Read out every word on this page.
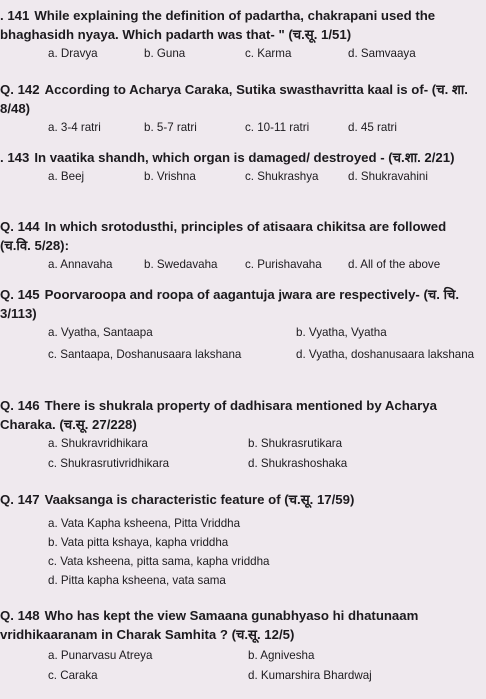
. 141 While explaining the definition of padartha, chakrapani used the bhaghasidh nyaya. Which padarth was that- " (च.सू. 1/51)
a. Dravya	b. Guna	c. Karma	d. Samvaaya
Q. 142 According to Acharya Caraka, Sutika swasthavritta kaal is of- (च. शा. 8/48)
a. 3-4 ratri	b. 5-7 ratri	c. 10-11 ratri	d. 45 ratri
. 143 In vaatika shandh, which organ is damaged/ destroyed - (च.शा. 2/21)
a. Beej	b. Vrishna	c. Shukrashya	d. Shukravahini
Q. 144 In which srotodusthi, principles of atisaara chikitsa are followed (च.वि. 5/28):
a. Annavaha	b. Swedavaha c. Purishavaha d. All of the above
Q. 145 Poorvaroopa and roopa of aagantuja jwara are respectively- (च. चि. 3/113)
a. Vyatha, Santaapa	b. Vyatha, Vyatha
c. Santaapa, Doshanusaara lakshana	d. Vyatha, doshanusaara lakshana
Q. 146 There is shukrala property of dadhisara mentioned by Acharya Charaka. (च.सू. 27/228)
a. Shukravridhikara	b. Shukrasrutikara
c. Shukrasrutivridhikara	d. Shukrashoshaka
Q. 147 Vaaksanga is characteristic feature of (च.सू. 17/59)
a. Vata Kapha ksheena, Pitta Vriddha
b. Vata pitta kshaya, kapha vriddha
c. Vata ksheena, pitta sama, kapha vriddha
d. Pitta kapha ksheena, vata sama
Q. 148 Who has kept the view Samaana gunabhyaso hi dhatunaam vridhikaaranam in Charak Samhita ? (च.सू. 12/5)
a. Punarvasu Atreya	b. Agnivesha
c. Caraka	d. Kumarshira Bhardwaj
